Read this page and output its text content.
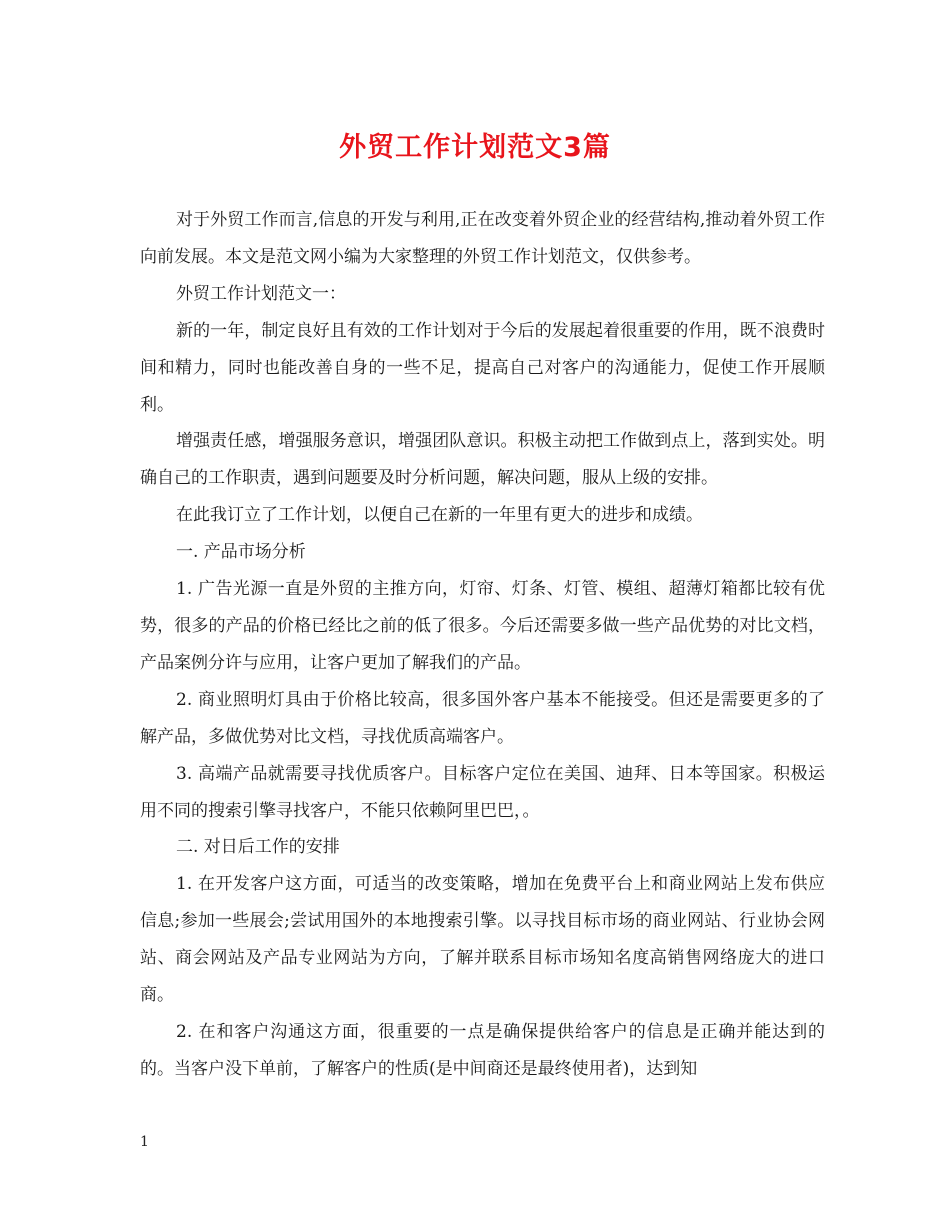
外贸工作计划范文3篇

对于外贸工作而言,信息的开发与利用,正在改变着外贸企业的经营结构,推动着外贸工作向前发展。本文是范文网小编为大家整理的外贸工作计划范文，仅供参考。

外贸工作计划范文一：

新的一年，制定良好且有效的工作计划对于今后的发展起着很重要的作用，既不浪费时间和精力，同时也能改善自身的一些不足，提高自己对客户的沟通能力，促使工作开展顺利。

增强责任感，增强服务意识，增强团队意识。积极主动把工作做到点上，落到实处。明确自己的工作职责，遇到问题要及时分析问题，解决问题，服从上级的安排。

在此我订立了工作计划，以便自己在新的一年里有更大的进步和成绩。

一. 产品市场分析

1. 广告光源一直是外贸的主推方向，灯帘、灯条、灯管、模组、超薄灯箱都比较有优势，很多的产品的价格已经比之前的低了很多。今后还需要多做一些产品优势的对比文档，产品案例分许与应用，让客户更加了解我们的产品。

2. 商业照明灯具由于价格比较高，很多国外客户基本不能接受。但还是需要更多的了解产品，多做优势对比文档，寻找优质高端客户。

3. 高端产品就需要寻找优质客户。目标客户定位在美国、迪拜、日本等国家。积极运用不同的搜索引擎寻找客户，不能只依赖阿里巴巴，。

二. 对日后工作的安排

1. 在开发客户这方面，可适当的改变策略，增加在免费平台上和商业网站上发布供应信息;参加一些展会;尝试用国外的本地搜索引擎。以寻找目标市场的商业网站、行业协会网站、商会网站及产品专业网站为方向，了解并联系目标市场知名度高销售网络庞大的进口商。

2. 在和客户沟通这方面，很重要的一点是确保提供给客户的信息是正确并能达到的的。当客户没下单前，了解客户的性质(是中间商还是最终使用者)，达到知

1
